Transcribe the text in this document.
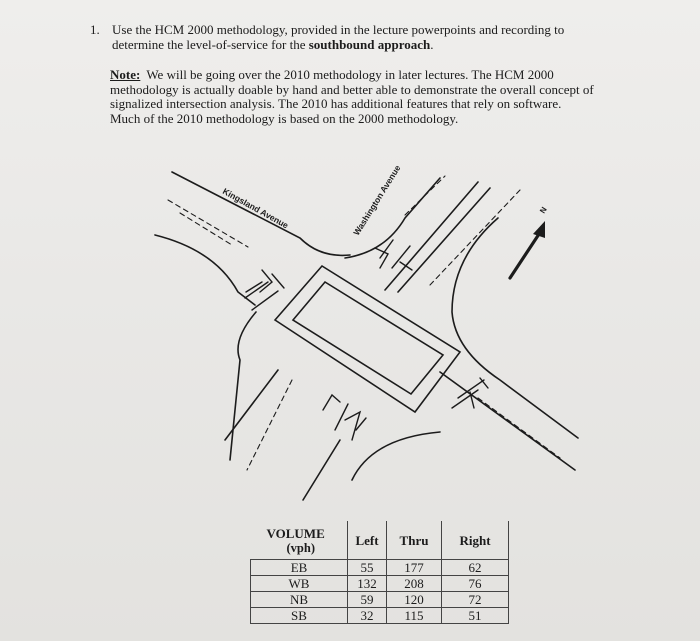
1. Use the HCM 2000 methodology, provided in the lecture powerpoints and recording to
determine the level-of-service for the southbound approach.
Note: We will be going over the 2010 methodology in later lectures. The HCM 2000
methodology is actually doable by hand and better able to demonstrate the overall concept of
signalized intersection analysis. The 2010 has additional features that rely on software.
Much of the 2010 methodology is based on the 2000 methodology.
Kingsland Avenue	Washington Avenue	N
VOLUME
(vph)	Left	Thru	Right
EB	55	177	62
WB	132	208	76
NB	59	120	72
SB	32	115	51
